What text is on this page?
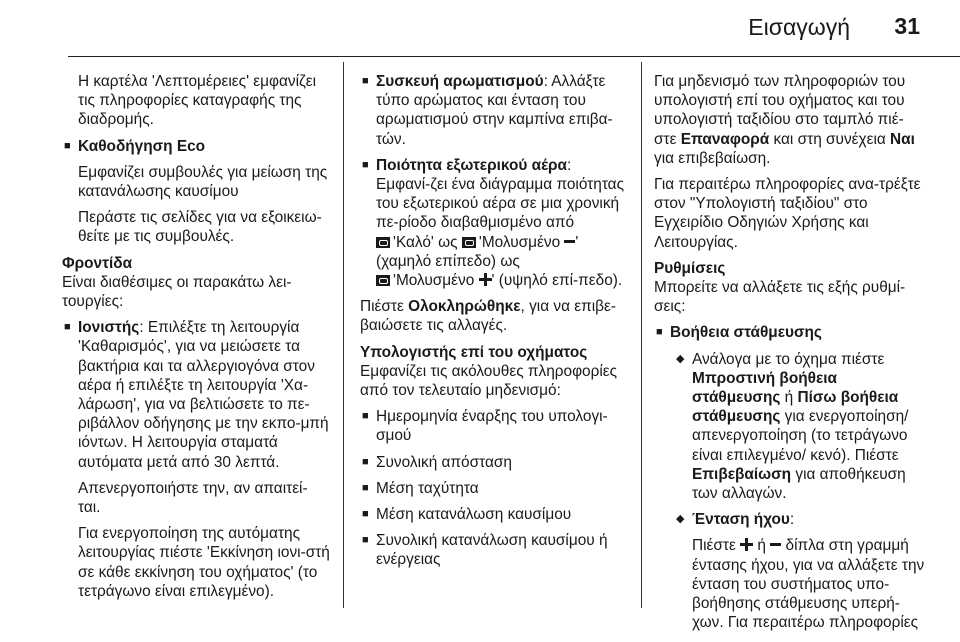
Εισαγωγή 31

Η καρτέλα 'Λεπτομέρειες' εμφανίζει τις πληροφορίες καταγραφής της διαδρομής.

■ Καθοδήγηση Eco

Εμφανίζει συμβουλές για μείωση της κατανάλωσης καυσίμου

Περάστε τις σελίδες για να εξοικειω-θείτε με τις συμβουλές.

Φροντίδα

Είναι διαθέσιμες οι παρακάτω λει-τουργίες:

■ Ιονιστής: Επιλέξτε τη λειτουργία 'Καθαρισμός', για να μειώσετε τα βακτήρια και τα αλλεργιογόνα στον αέρα ή επιλέξτε τη λειτουργία 'Χα-λάρωση', για να βελτιώσετε το πε-ριβάλλον οδήγησης με την εκπο-μπή ιόντων. Η λειτουργία σταματά αυτόματα μετά από 30 λεπτά.

Απενεργοποιήστε την, αν απαιτεί-ται.

Για ενεργοποίηση της αυτόματης λειτουργίας πιέστε 'Εκκίνηση ιονι-στή σε κάθε εκκίνηση του οχήματος' (το τετράγωνο είναι επιλεγμένο).

■ Συσκευή αρωματισμού: Αλλάξτε τύπο αρώματος και ένταση του αρωματισμού στην καμπίνα επιβα-τών.
■ Ποιότητα εξωτερικού αέρα: Εμφανί-ζει ένα διάγραμμα ποιότητας του εξωτερικού αέρα σε μια χρονική πε-ρίοδο διαβαθμισμένο από
'Καλό' ως 'Μολυσμένο ' (χαμηλό επίπεδο) ως
'Μολυσμένο ' (υψηλό επί-πεδο).

Πιέστε Ολοκληρώθηκε, για να επιβε-βαιώσετε τις αλλαγές.

Υπολογιστής επί του οχήματος

Εμφανίζει τις ακόλουθες πληροφορίες από τον τελευταίο μηδενισμό:

■ Ημερομηνία έναρξης του υπολογι-σμού
■ Συνολική απόσταση
■ Μέση ταχύτητα
■ Μέση κατανάλωση καυσίμου
■ Συνολική κατανάλωση καυσίμου ή ενέργειας

Για μηδενισμό των πληροφοριών του υπολογιστή επί του οχήματος και του υπολογιστή ταξιδίου στο ταμπλό πιέ-στε Επαναφορά και στη συνέχεια Ναι για επιβεβαίωση.

Για περαιτέρω πληροφορίες ανα-τρέξτε στον "Υπολογιστή ταξιδίου" στο Εγχειρίδιο Οδηγιών Χρήσης και Λειτουργίας.

Ρυθμίσεις

Μπορείτε να αλλάξετε τις εξής ρυθμί-σεις:

■ Βοήθεια στάθμευσης
◆ Ανάλογα με το όχημα πιέστε Μπροστινή βοήθεια στάθμευσης ή Πίσω βοήθεια στάθμευσης για ενεργοποίηση/απενεργοποίηση (το τετράγωνο είναι επιλεγμένο/ κενό). Πιέστε Επιβεβαίωση για αποθήκευση των αλλαγών.
◆ Ένταση ήχου:

Πιέστε ή δίπλα στη γραμμή έντασης ήχου, για να αλλάξετε την ένταση του συστήματος υπο-βοήθησης στάθμευσης υπερή-χων. Για περαιτέρω πληροφορίες
